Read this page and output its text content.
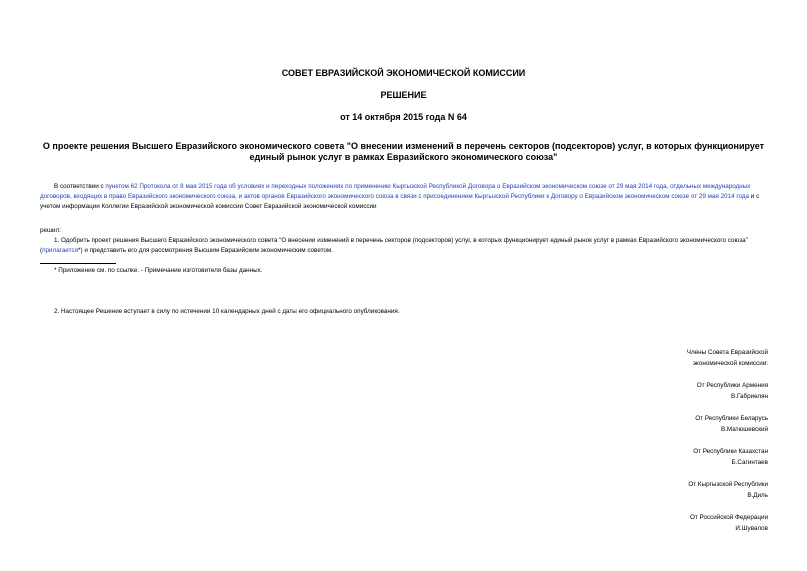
СОВЕТ ЕВРАЗИЙСКОЙ ЭКОНОМИЧЕСКОЙ КОМИССИИ
РЕШЕНИЕ
от 14 октября 2015 года N 64
О проекте решения Высшего Евразийского экономического совета "О внесении изменений в перечень секторов (подсекторов) услуг, в которых функционирует
единый рынок услуг в рамках Евразийского экономического союза"
В соответствии с пунктом 62 Протокола от 8 мая 2015 года об условиях и переходных положениях по применению Кыргызской Республикой Договора о Евразийском экономическом союзе от 29 мая 2014 года, отдельных международных договоров, входящих в право Евразийского экономического союза, и актов органов Евразийского экономического союза в связи с присоединением Кыргызской Республики к Договору о Евразийском экономическом союзе от 29 мая 2014 года и с учетом информации Коллегии Евразийской экономической комиссии Совет Евразийской экономической комиссии
решил:
1. Одобрить проект решения Высшего Евразийского экономического совета "О внесении изменений в перечень секторов (подсекторов) услуг, в которых функционирует единый рынок услуг в рамках Евразийского экономического союза" (прилагается*) и представить его для рассмотрения Высшим Евразийским экономическим советом.
* Приложение см. по ссылке. - Примечание изготовителя базы данных.
2. Настоящее Решение вступает в силу по истечении 10 календарных дней с даты его официального опубликования.
Члены Совета Евразийской
экономической комиссии:
От Республики Армения
В.Габриелян
От Республики Беларусь
В.Матюшевский
От Республики Казахстан
Б.Сагинтаев
От Кыргызской Республики
В.Диль
От Российской Федерации
И.Шувалов
